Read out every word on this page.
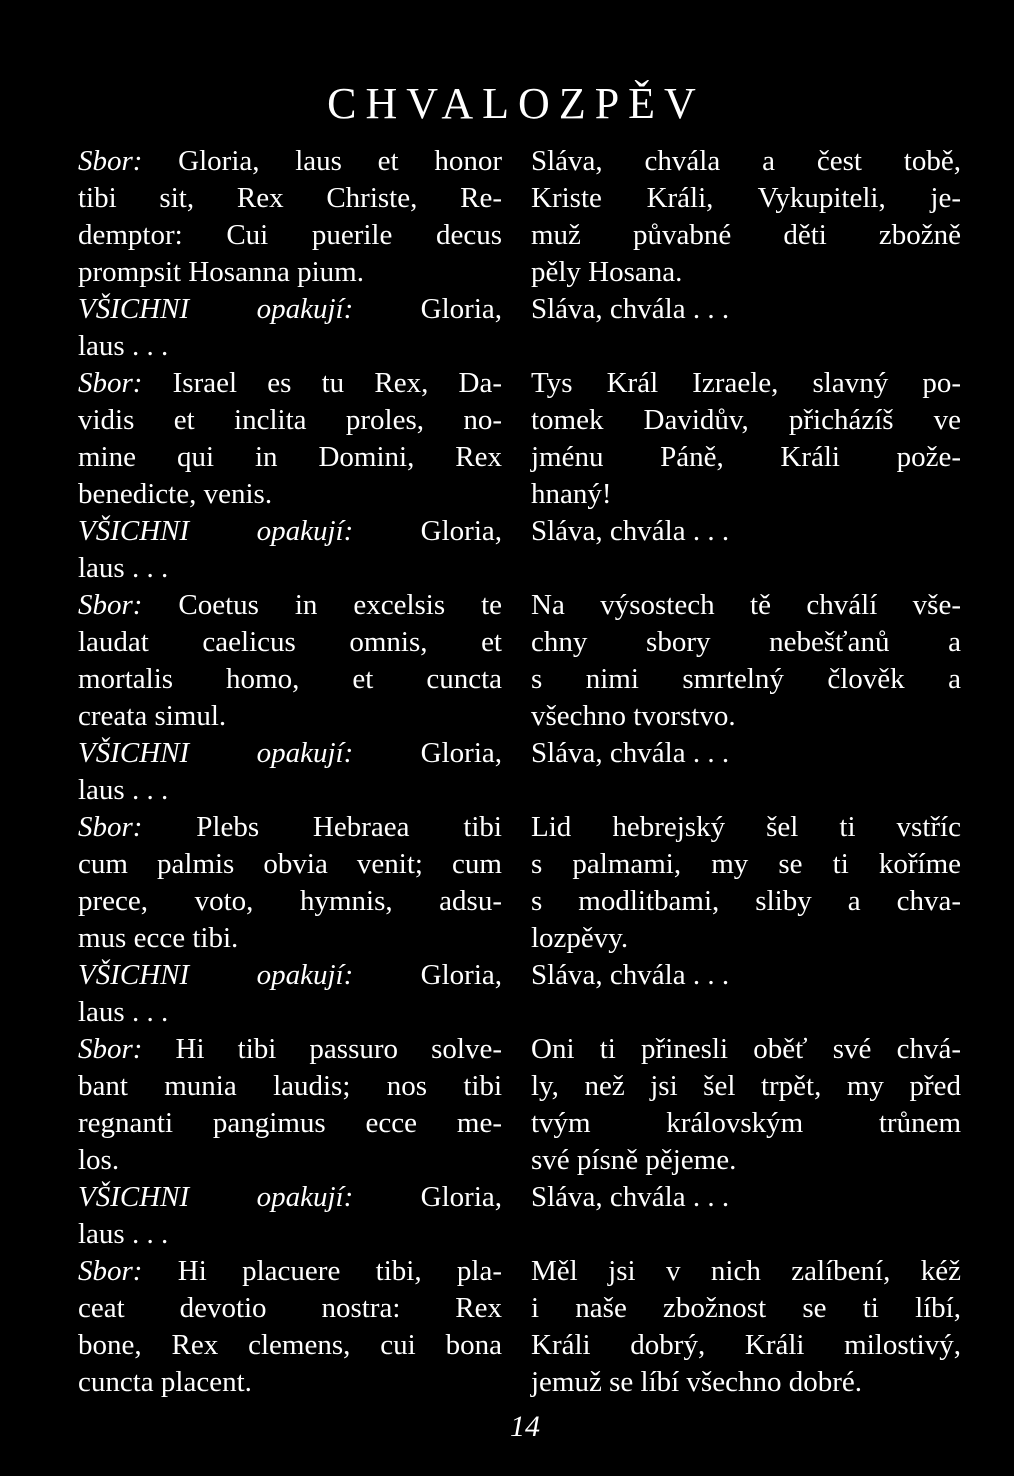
CHVALOZPĚV
Sbor: Gloria, laus et honor
tibi sit, Rex Christe, Re-
demptor: Cui puerile decus
prompsit Hosanna pium.
VŠICHNI opakují: Gloria,
laus . . .
Sbor: Israel es tu Rex, Da-
vidis et inclita proles, no-
mine qui in Domini, Rex
benedicte, venis.
VŠICHNI opakují: Gloria,
laus . . .
Sbor: Coetus in excelsis te
laudat caelicus omnis, et
mortalis homo, et cuncta
creata simul.
VŠICHNI opakují: Gloria,
laus . . .
Sbor: Plebs Hebraea tibi
cum palmis obvia venit; cum
prece, voto, hymnis, adsu-
mus ecce tibi.
VŠICHNI opakují: Gloria,
laus . . .
Sbor: Hi tibi passuro solve-
bant munia laudis; nos tibi
regnanti pangimus ecce me-
los.
VŠICHNI opakují: Gloria,
laus . . .
Sbor: Hi placuere tibi, pla-
ceat devotio nostra: Rex
bone, Rex clemens, cui bona
cuncta placent.
Sláva, chvála a čest tobě,
Kriste Králi, Vykupiteli, je-
muž půvabné děti zbožně
pěly Hosana.
Sláva, chvála . . .
Tys Král Izraele, slavný po-
tomek Davidův, přicházíš ve
jménu Páně, Králi požе-
hnaný!
Sláva, chvála . . .
Na výsostech tě chválí vše-
chny sbory nebešťanů a
s nimi smrtelný člověk a
všechno tvorstvo.
Sláva, chvála . . .
Lid hebrejský šel ti vstříc
s palmami, my se ti koříme
s modlitbami, sliby a chva-
lozpěvy.
Sláva, chvála . . .
Oni ti přinesli oběť své chvá-
ly, než jsi šel trpět, my před
tvým královským trůnem
své písně pějeme.
Sláva, chvála . . .
Měl jsi v nich zalíbení, kéž
i naše zbožnost se ti líbí,
Králi dobrý, Králi milostivý,
jemuž se líbí všechno dobré.
14
